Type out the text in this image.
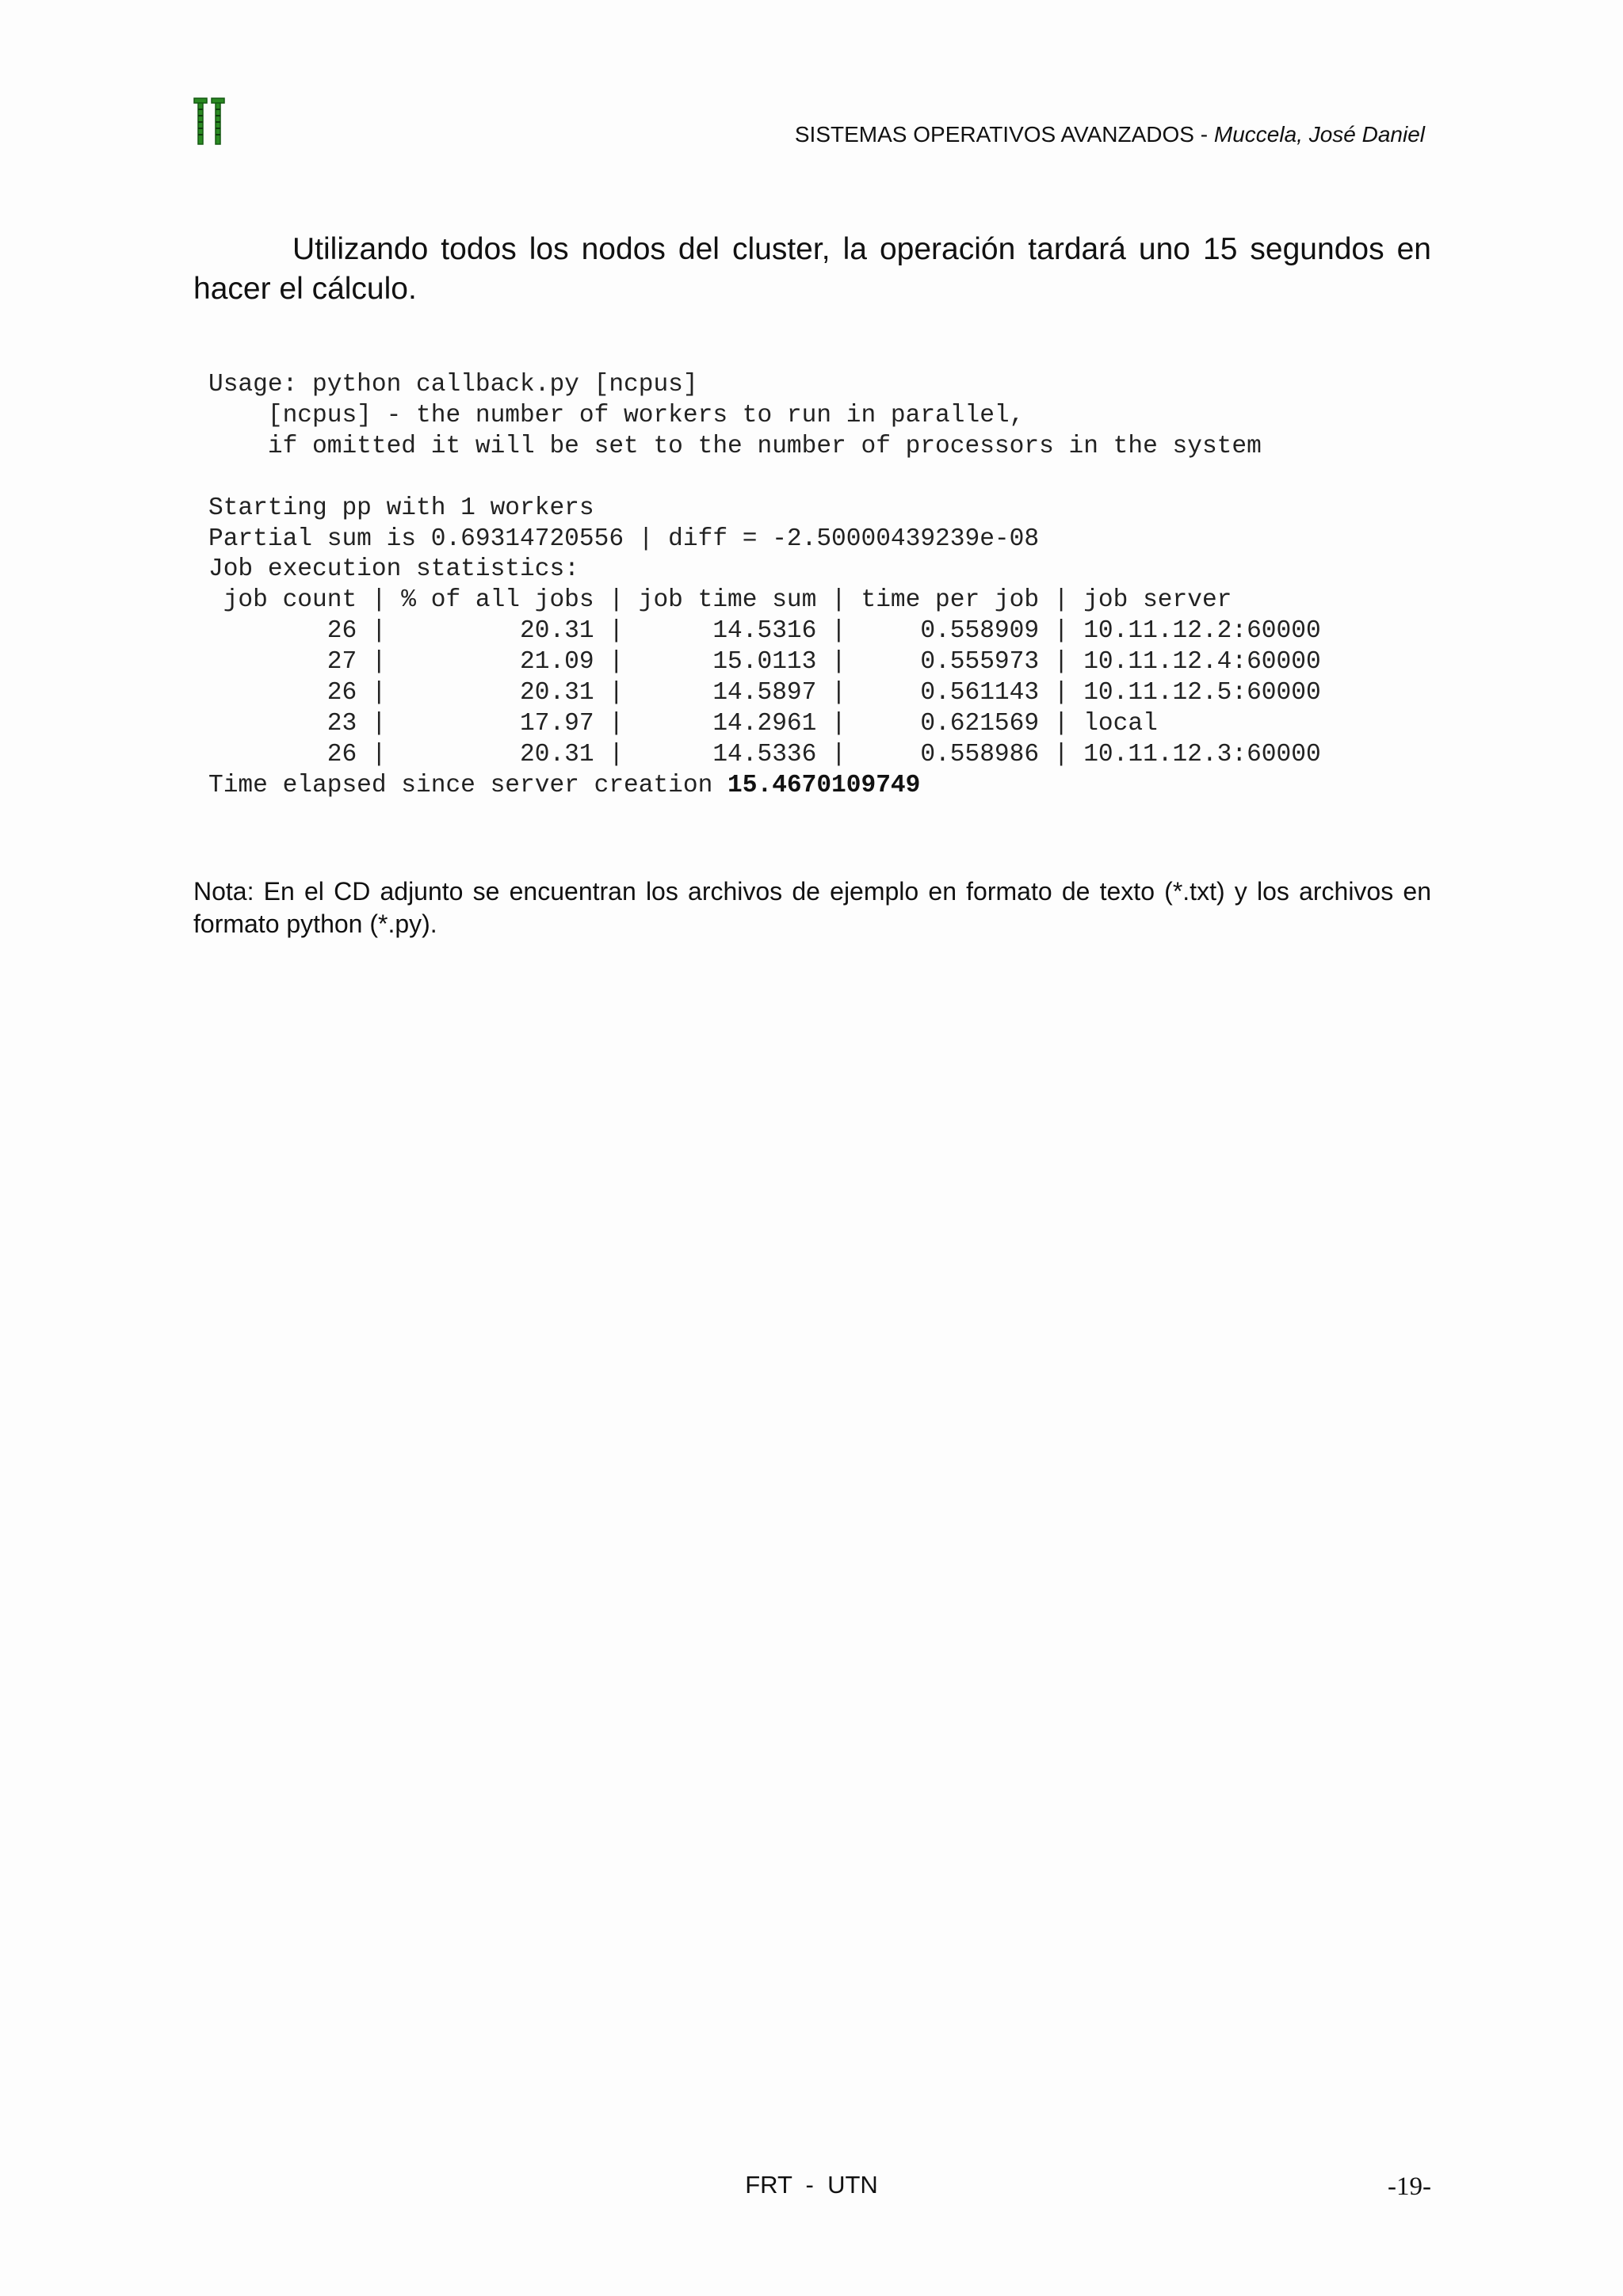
SISTEMAS OPERATIVOS AVANZADOS - Muccela, José Daniel

Utilizando todos los nodos del cluster, la operación tardará uno 15 segundos en hacer el cálculo.

Usage: python callback.py [ncpus]
[ncpus] - the number of workers to run in parallel,
if omitted it will be set to the number of processors in the system

Starting pp with 1 workers
Partial sum is 0.69314720556 | diff = -2.50000439239e-08
Job execution statistics:
job count | % of all jobs | job time sum | time per job | job server
26 |         20.31 |      14.5316 |     0.558909 | 10.11.12.2:60000
27 |         21.09 |      15.0113 |     0.555973 | 10.11.12.4:60000
26 |         20.31 |      14.5897 |     0.561143 | 10.11.12.5:60000
23 |         17.97 |      14.2961 |     0.621569 | local
26 |         20.31 |      14.5336 |     0.558986 | 10.11.12.3:60000
Time elapsed since server creation 15.4670109749

Nota: En el CD adjunto se encuentran los archivos de ejemplo en formato de texto (*.txt) y los archivos en formato python (*.py).

FRT  -  UTN	-19-
